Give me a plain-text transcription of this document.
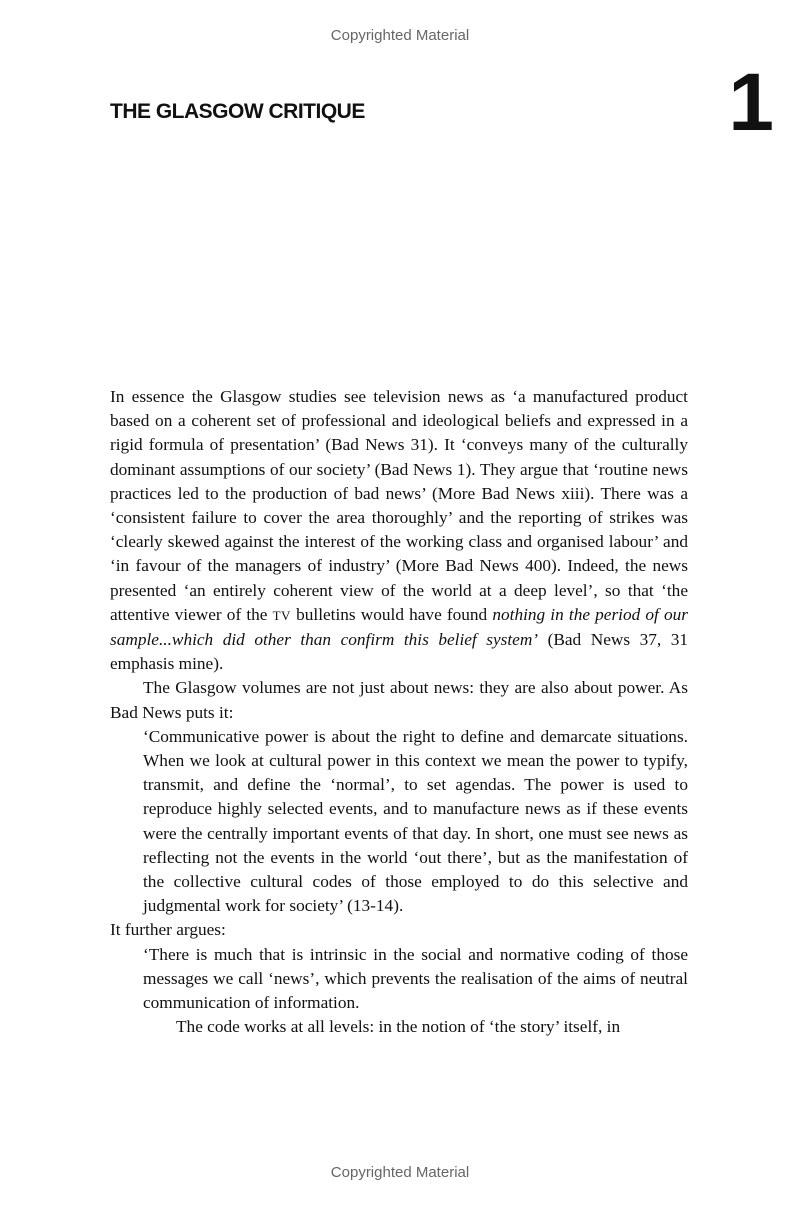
Copyrighted Material
THE GLASGOW CRITIQUE	1

In essence the Glasgow studies see television news as ‘a manufactured product based on a coherent set of professional and ideological beliefs and expressed in a rigid formula of presentation’ (Bad News 31). It ‘conveys many of the culturally dominant assumptions of our society’ (Bad News 1). They argue that ‘routine news practices led to the production of bad news’ (More Bad News xiii). There was a ‘consistent failure to cover the area thoroughly’ and the reporting of strikes was ‘clearly skewed against the interest of the working class and organised labour’ and ‘in favour of the managers of industry’ (More Bad News 400). Indeed, the news presented ‘an entirely coherent view of the world at a deep level’, so that ‘the attentive viewer of the TV bulletins would have found nothing in the period of our sample...which did other than confirm this belief system’ (Bad News 37, 31 emphasis mine).

The Glasgow volumes are not just about news: they are also about power. As Bad News puts it:

‘Communicative power is about the right to define and demarcate situations. When we look at cultural power in this context we mean the power to typify, transmit, and define the ‘normal’, to set agendas. The power is used to reproduce highly selected events, and to manufacture news as if these events were the centrally important events of that day. In short, one must see news as reflecting not the events in the world ‘out there’, but as the manifestation of the collective cultural codes of those employed to do this selective and judgmental work for society’ (13-14).

It further argues:

‘There is much that is intrinsic in the social and normative coding of those messages we call ‘news’, which prevents the realisation of the aims of neutral communication of information.

The code works at all levels: in the notion of ‘the story’ itself, in

Copyrighted Material
